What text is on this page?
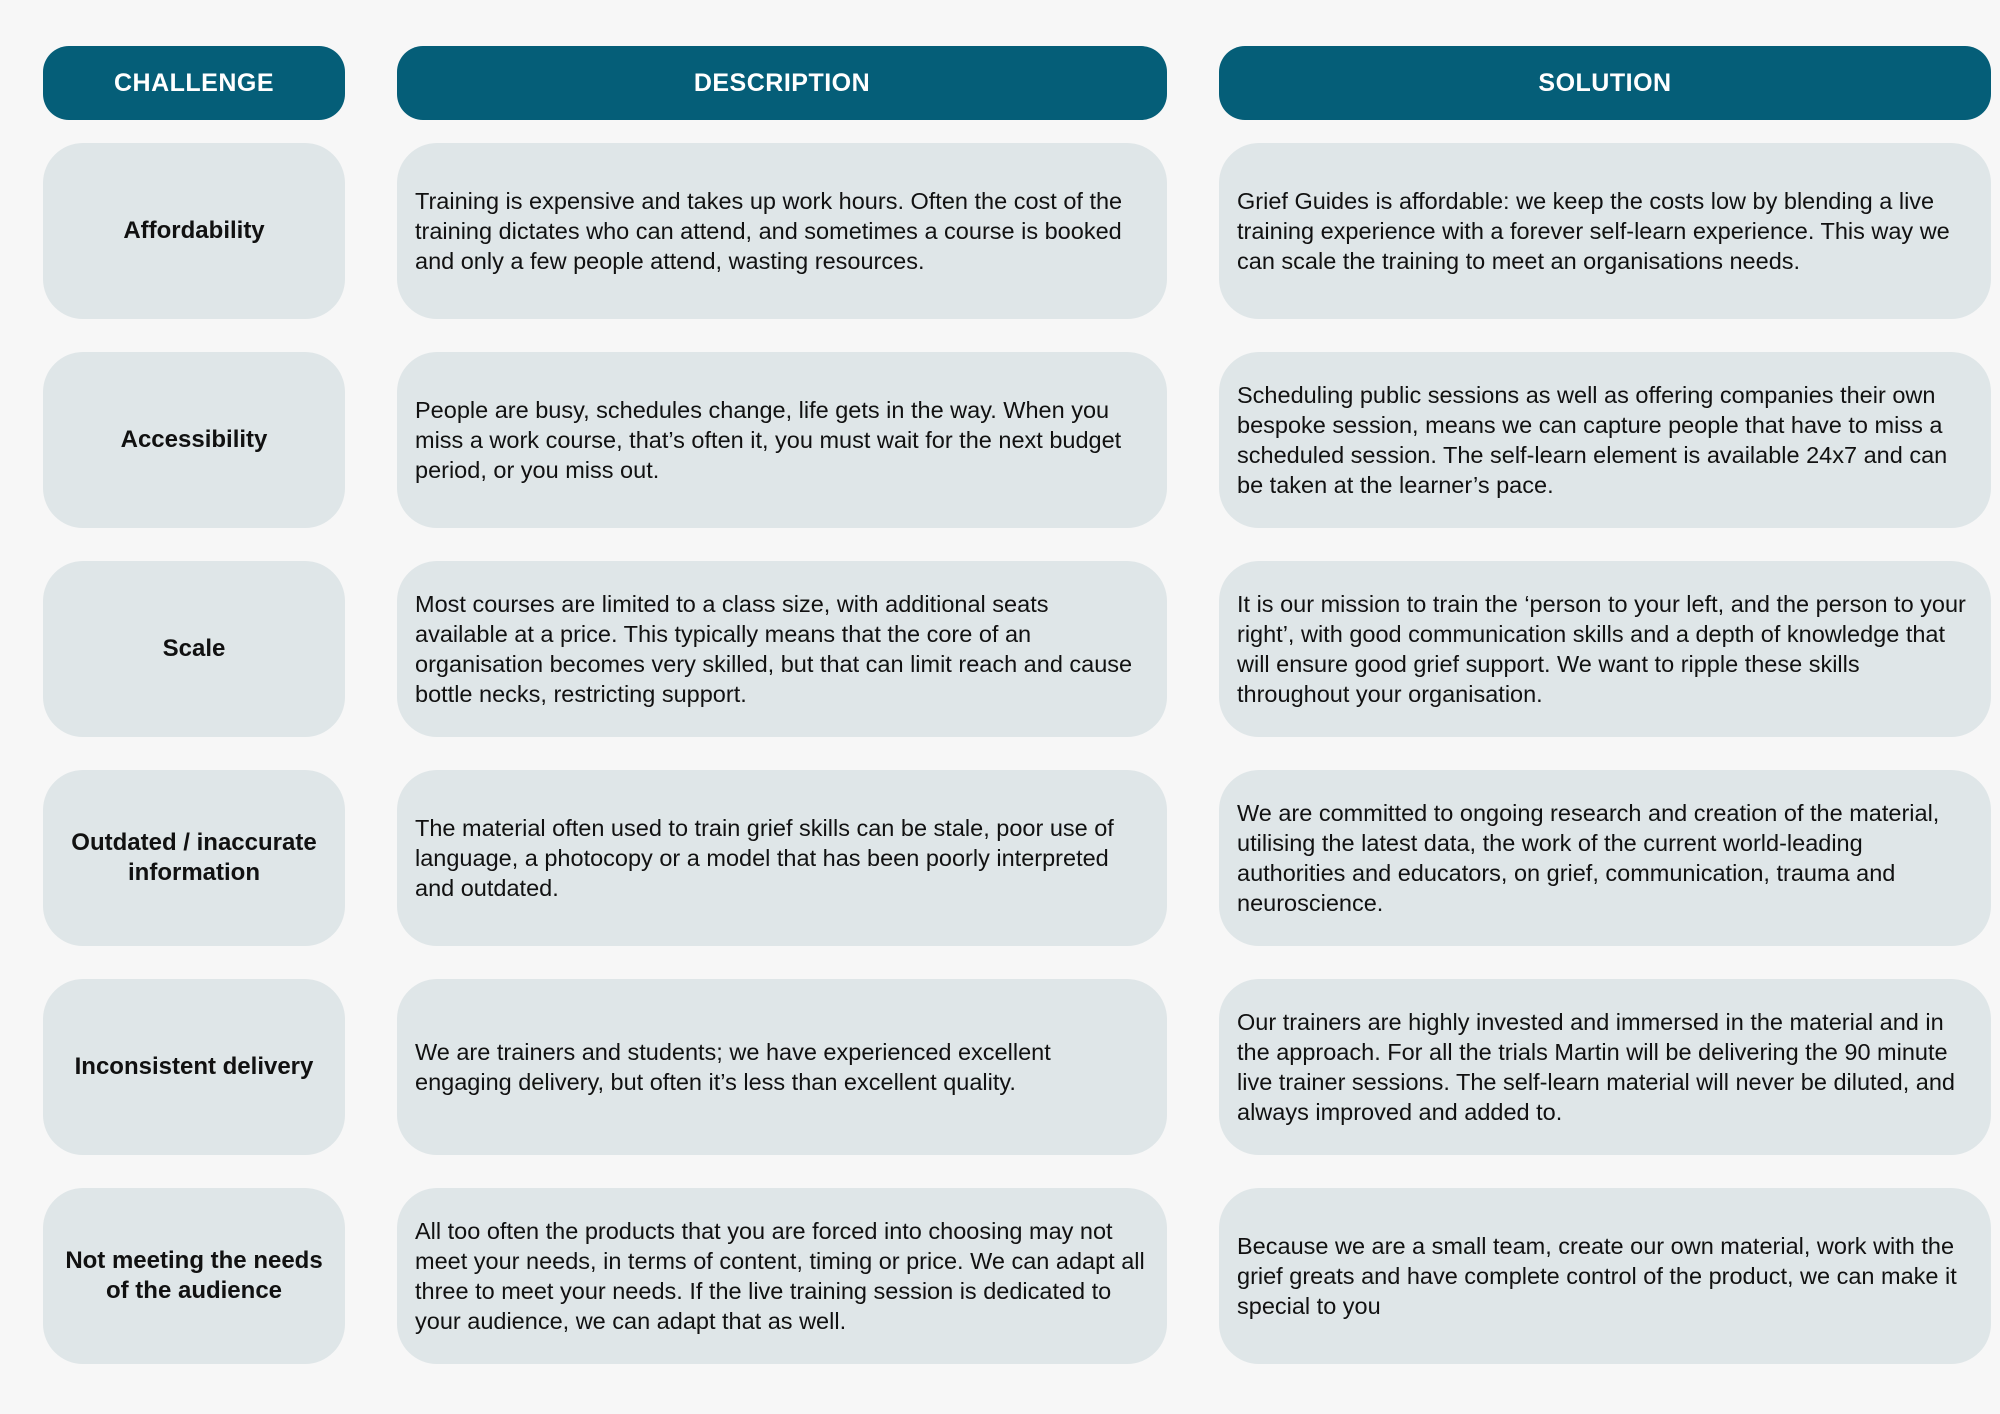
CHALLENGE	DESCRIPTION	SOLUTION
Affordability
Training is expensive and takes up work hours. Often the cost of the training dictates who can attend, and sometimes a course is booked and only a few people attend, wasting resources.
Grief Guides is affordable: we keep the costs low by blending a live training experience with a forever self-learn experience. This way we can scale the training to meet an organisations needs.
Accessibility
People are busy, schedules change, life gets in the way. When you miss a work course, that’s often it, you must wait for the next budget period, or you miss out.
Scheduling public sessions as well as offering companies their own bespoke session, means we can capture people that have to miss a scheduled session. The self-learn element is available 24x7 and can be taken at the learner’s pace.
Scale
Most courses are limited to a class size, with additional seats available at a price. This typically means that the core of an organisation becomes very skilled, but that can limit reach and cause bottle necks, restricting support.
It is our mission to train the ‘person to your left, and the person to your right’, with good communication skills and a depth of knowledge that will ensure good grief support. We want to ripple these skills throughout your organisation.
Outdated / inaccurate information
The material often used to train grief skills can be stale, poor use of language, a photocopy or a model that has been poorly interpreted and outdated.
We are committed to ongoing research and creation of the material, utilising the latest data, the work of the current world-leading authorities and educators, on grief, communication, trauma and neuroscience.
Inconsistent delivery
We are trainers and students; we have experienced excellent engaging delivery, but often it’s less than excellent quality.
Our trainers are highly invested and immersed in the material and in the approach. For all the trials Martin will be delivering the 90 minute live trainer sessions. The self-learn material will never be diluted, and always improved and added to.
Not meeting the needs of the audience
All too often the products that you are forced into choosing may not meet your needs, in terms of content, timing or price. We can adapt all three to meet your needs. If the live training session is dedicated to your audience, we can adapt that as well.
Because we are a small team, create our own material, work with the grief greats and have complete control of the product, we can make it special to you
